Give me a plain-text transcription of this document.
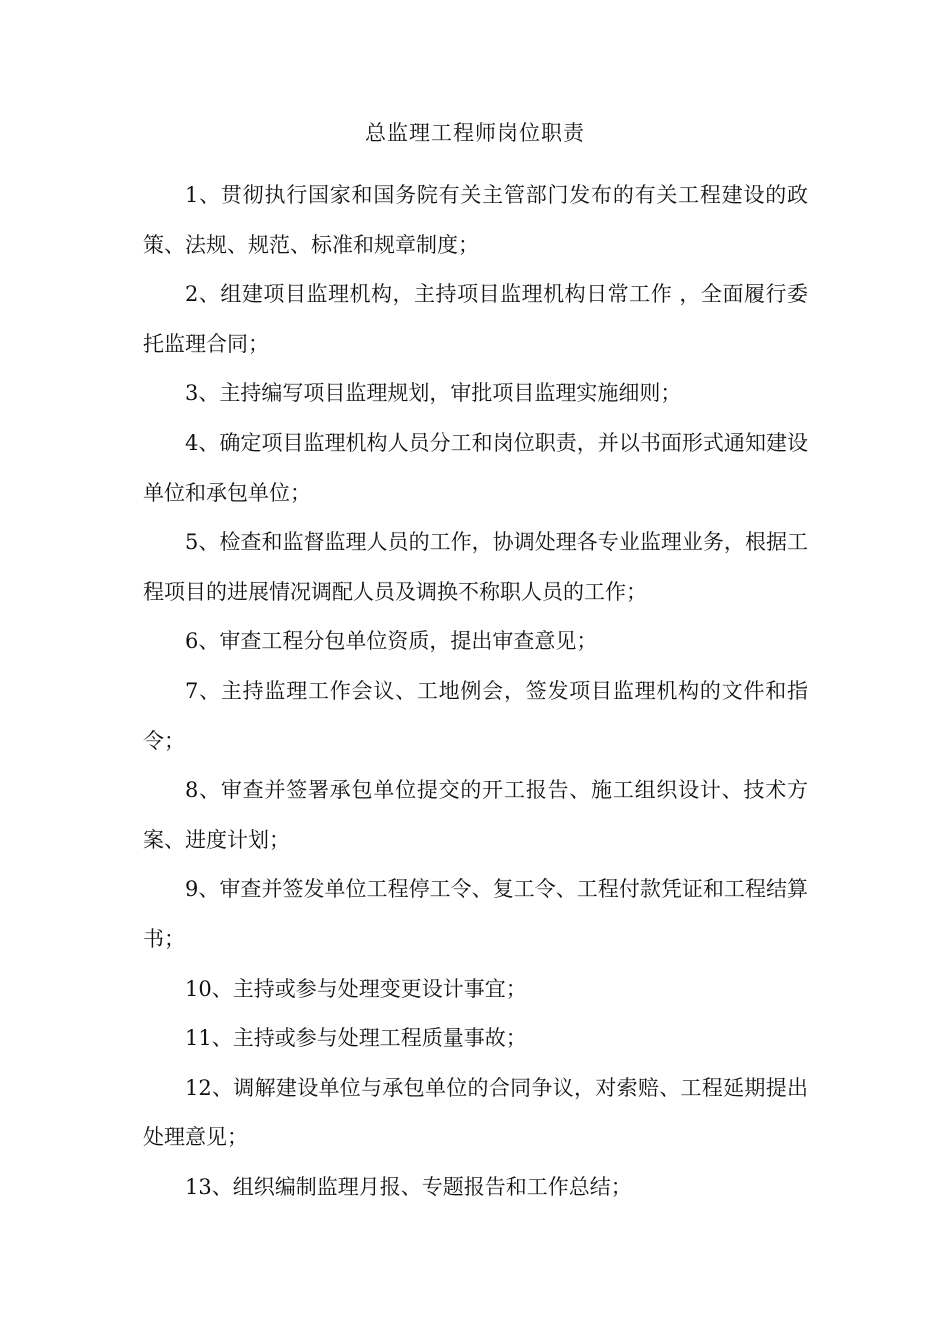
总监理工程师岗位职责

1、贯彻执行国家和国务院有关主管部门发布的有关工程建设的政策、法规、规范、标准和规章制度；

2、组建项目监理机构，主持项目监理机构日常工作 ，全面履行委托监理合同；

3、主持编写项目监理规划，审批项目监理实施细则；

4、确定项目监理机构人员分工和岗位职责，并以书面形式通知建设单位和承包单位；

5、检查和监督监理人员的工作，协调处理各专业监理业务，根据工程项目的进展情况调配人员及调换不称职人员的工作；

6、审查工程分包单位资质，提出审查意见；

7、主持监理工作会议、工地例会，签发项目监理机构的文件和指令；

8、审查并签署承包单位提交的开工报告、施工组织设计、技术方案、进度计划；

9、审查并签发单位工程停工令、复工令、工程付款凭证和工程结算书；

10、主持或参与处理变更设计事宜；

11、主持或参与处理工程质量事故；

12、调解建设单位与承包单位的合同争议，对索赔、工程延期提出处理意见；

13、组织编制监理月报、专题报告和工作总结；
